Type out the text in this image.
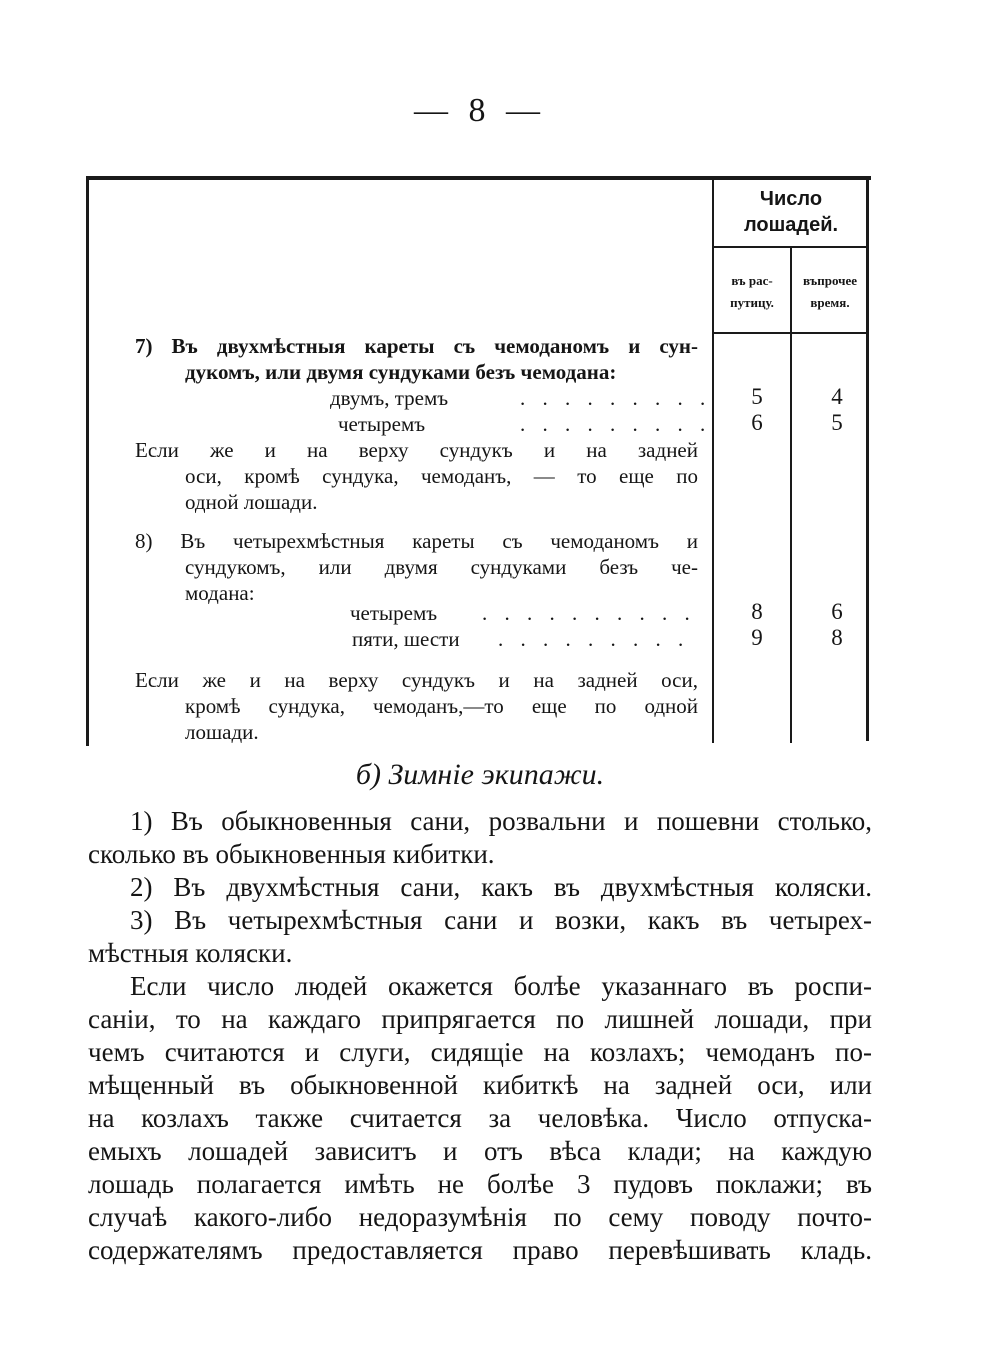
— 8 —
Число
лошадей.
въ рас-
путицу.
въпрочее
время.
7) Въ двухмѣстныя кареты съ чемоданомъ и сун-
дукомъ, или двумя сундуками безъ чемодана:
двумъ, тремъ	. . . . . . . . .	5	4
четыремъ	. . . . . . . . .	6	5
Если же и на верху сундукъ и на задней
оси, кромѣ сундука, чемоданъ, — то еще по
одной лошади.
8) Въ четырехмѣстныя кареты съ чемоданомъ и
сундукомъ, или двумя сундуками безъ че-
модана:
четыремъ . . . . . . . . . .	8	6
пяти, шести . . . . . . . . .	9	8
Если же и на верху сундукъ и на задней оси,
кромѣ сундука, чемоданъ,—то еще по одной
лошади.
б) Зимніе экипажи.
1) Въ обыкновенныя сани, розвальни и пошевни столько,
сколько въ обыкновенныя кибитки.
2) Въ двухмѣстныя сани, какъ въ двухмѣстныя коляски.
3) Въ четырехмѣстныя сани и возки, какъ въ четырех-
мѣстныя коляски.
Если число людей окажется болѣе указаннаго въ роспи-
саніи, то на каждаго припрягается по лишней лошади, при
чемъ считаются и слуги, сидящіе на козлахъ; чемоданъ по-
мѣщенный въ обыкновенной кибиткѣ на задней оси, или
на козлахъ также считается за человѣка. Число отпуска-
емыхъ лошадей зависитъ и отъ вѣса клади; на каждую
лошадь полагается имѣть не болѣе 3 пудовъ поклажи; въ
случаѣ какого-либо недоразумѣнія по сему поводу почто-
содержателямъ предоставляется право перевѣшивать кладь.
